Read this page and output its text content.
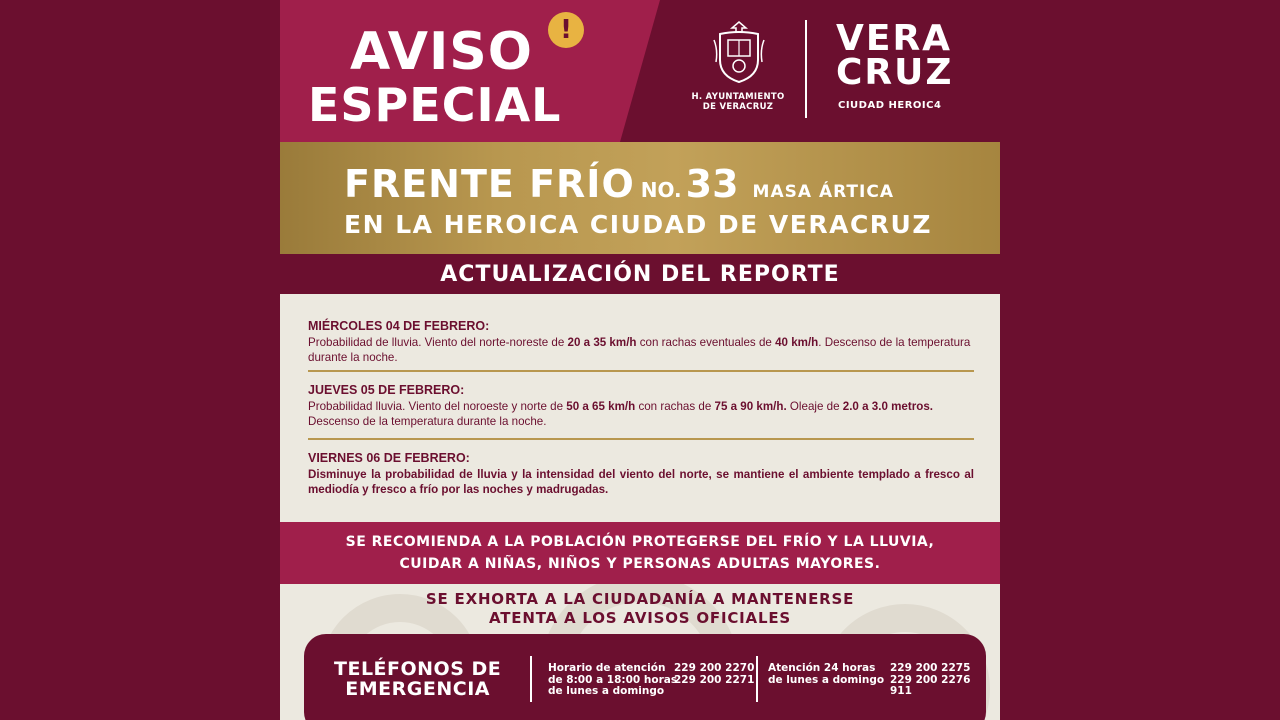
AVISO	!
ESPECIAL	H. AYUNTAMIENTO
DE VERACRUZ
VERA
CRUZ
CIUDAD HEROIC4
FRENTE FRÍO NO. 33 MASA ÁRTICA
EN LA HEROICA CIUDAD DE VERACRUZ
ACTUALIZACIÓN DEL REPORTE
MIÉRCOLES 04 DE FEBRERO:
Probabilidad de lluvia. Viento del norte-noreste de 20 a 35 km/h con rachas eventuales de 40 km/h. Descenso de la temperatura durante la noche.
JUEVES 05 DE FEBRERO:
Probabilidad lluvia. Viento del noroeste y norte de 50 a 65 km/h con rachas de 75 a 90 km/h. Oleaje de 2.0 a 3.0 metros. Descenso de la temperatura durante la noche.
VIERNES 06 DE FEBRERO:
Disminuye la probabilidad de lluvia y la intensidad del viento del norte, se mantiene el ambiente templado a fresco al mediodía y fresco a frío por las noches y madrugadas.
SE RECOMIENDA A LA POBLACIÓN PROTEGERSE DEL FRÍO Y LA LLUVIA,
CUIDAR A NIÑAS, NIÑOS Y PERSONAS ADULTAS MAYORES.
SE EXHORTA A LA CIUDADANÍA A MANTENERSE
ATENTA A LOS AVISOS OFICIALES
TELÉFONOS DE
EMERGENCIA
Horario de atención
de 8:00 a 18:00 horas
de lunes a domingo
229 200 2270
229 200 2271
Atención 24 horas
de lunes a domingo
229 200 2275
229 200 2276
911
